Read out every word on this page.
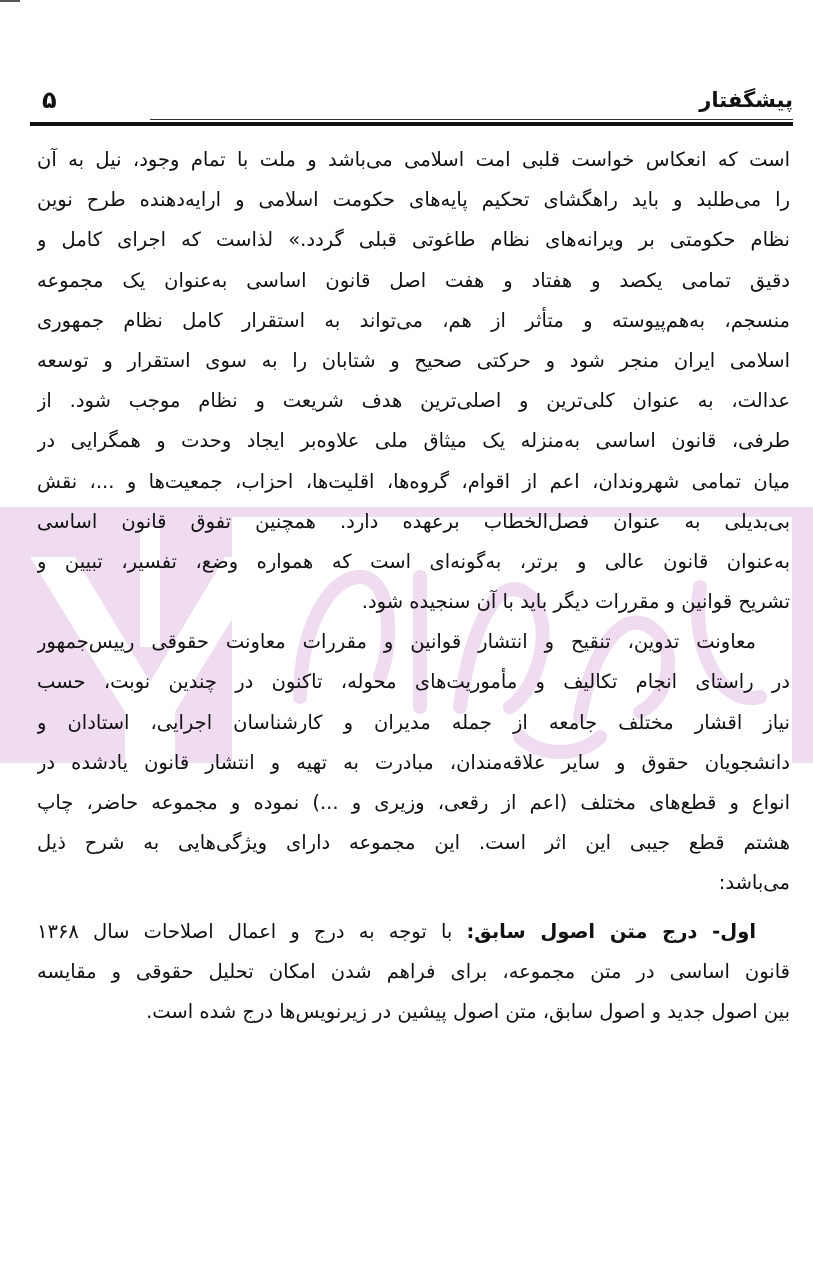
پیشگفتار
۵
است که انعکاس خواست قلبی امت اسلامی می‌باشد و ملت با تمام وجود، نیل به آن
را می‌طلبد و باید راهگشای تحکیم پایه‌های حکومت اسلامی و ارایه‌دهنده طرح نوین
نظام حکومتی بر ویرانه‌های نظام طاغوتی قبلی گردد.» لذاست که اجرای کامل و
دقیق تمامی یکصد و هفتاد و هفت اصل قانون اساسی به‌عنوان یک مجموعه
منسجم، به‌هم‌پیوسته و متأثر از هم، می‌تواند به استقرار کامل نظام جمهوری
اسلامی ایران منجر شود و حرکتی صحیح و شتابان را به سوی استقرار و توسعه
عدالت، به عنوان کلی‌ترین و اصلی‌ترین هدف شریعت و نظام موجب شود. از
طرفی، قانون اساسی به‌منزله یک میثاق ملی علاوه‌بر ایجاد وحدت و همگرایی در
میان تمامی شهروندان، اعم از اقوام، گروه‌ها، اقلیت‌ها، احزاب، جمعیت‌ها و ...، نقش
بی‌بدیلی به عنوان فصل‌الخطاب برعهده دارد. همچنین تفوق قانون اساسی
به‌عنوان قانون عالی و برتر، به‌گونه‌ای است که همواره وضع، تفسیر، تبیین و
تشریح قوانین و مقررات دیگر باید با آن سنجیده شود.
معاونت تدوین، تنقیح و انتشار قوانین و مقررات معاونت حقوقی رییس‌جمهور
در راستای انجام تکالیف و مأموریت‌های محوله، تاکنون در چندین نوبت، حسب
نیاز اقشار مختلف جامعه از جمله مدیران و کارشناسان اجرایی، استادان و
دانشجویان حقوق و سایر علاقه‌مندان، مبادرت به تهیه و انتشار قانون یادشده در
انواع و قطع‌های مختلف (اعم از رقعی، وزیری و ...) نموده و مجموعه حاضر، چاپ
هشتم قطع جیبی این اثر است. این مجموعه دارای ویژگی‌هایی به شرح ذیل
می‌باشد:
اول- درج متن اصول سابق: با توجه به درج و اعمال اصلاحات سال ۱۳۶۸
قانون اساسی در متن مجموعه، برای فراهم شدن امکان تحلیل حقوقی و مقایسه
بین اصول جدید و اصول سابق، متن اصول پیشین در زیرنویس‌ها درج شده است.
